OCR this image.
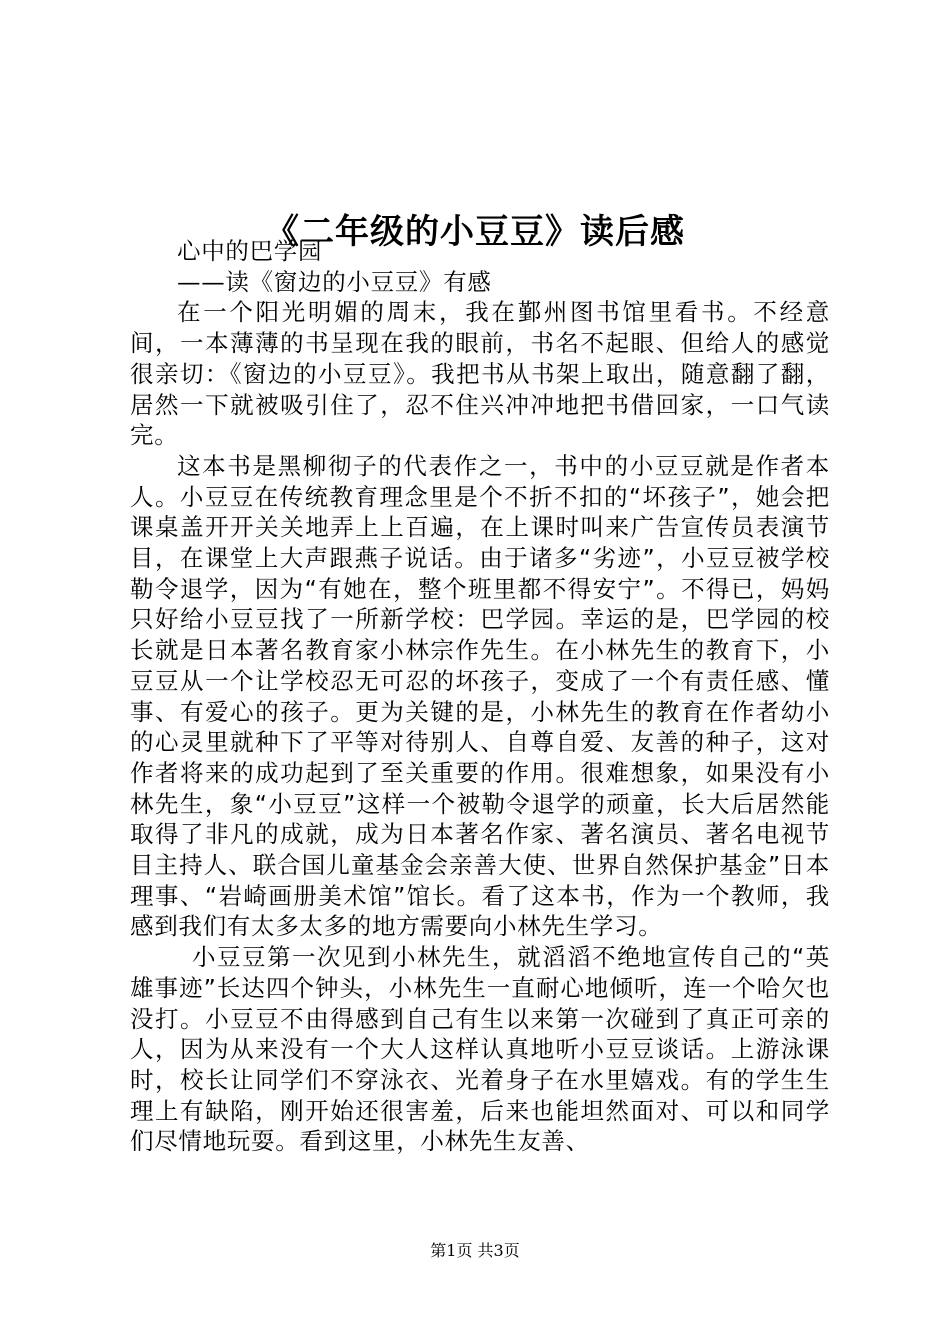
《二年级的小豆豆》读后感

心中的巴学园

——读《窗边的小豆豆》有感

在一个阳光明媚的周末，我在鄞州图书馆里看书。不经意间，一本薄薄的书呈现在我的眼前，书名不起眼、但给人的感觉很亲切：《窗边的小豆豆》。我把书从书架上取出，随意翻了翻，居然一下就被吸引住了，忍不住兴冲冲地把书借回家，一口气读完。

这本书是黑柳彻子的代表作之一，书中的小豆豆就是作者本人。小豆豆在传统教育理念里是个不折不扣的“坏孩子”，她会把课桌盖开开关关地弄上上百遍，在上课时叫来广告宣传员表演节目，在课堂上大声跟燕子说话。由于诸多“劣迹”，小豆豆被学校勒令退学，因为“有她在，整个班里都不得安宁”。不得已，妈妈只好给小豆豆找了一所新学校：巴学园。幸运的是，巴学园的校长就是日本著名教育家小林宗作先生。在小林先生的教育下，小豆豆从一个让学校忍无可忍的坏孩子，变成了一个有责任感、懂事、有爱心的孩子。更为关键的是，小林先生的教育在作者幼小的心灵里就种下了平等对待别人、自尊自爱、友善的种子，这对作者将来的成功起到了至关重要的作用。很难想象，如果没有小林先生，象“小豆豆”这样一个被勒令退学的顽童，长大后居然能取得了非凡的成就，成为日本著名作家、著名演员、著名电视节目主持人、联合国儿童基金会亲善大使、世界自然保护基金”日本理事、“岩崎画册美术馆”馆长。看了这本书，作为一个教师，我感到我们有太多太多的地方需要向小林先生学习。

小豆豆第一次见到小林先生，就滔滔不绝地宣传自己的“英雄事迹”长达四个钟头，小林先生一直耐心地倾听，连一个哈欠也没打。小豆豆不由得感到自己有生以来第一次碰到了真正可亲的人，因为从来没有一个大人这样认真地听小豆豆谈话。上游泳课时，校长让同学们不穿泳衣、光着身子在水里嬉戏。有的学生生理上有缺陷，刚开始还很害羞，后来也能坦然面对、可以和同学们尽情地玩耍。看到这里，小林先生友善、

第1页 共3页
